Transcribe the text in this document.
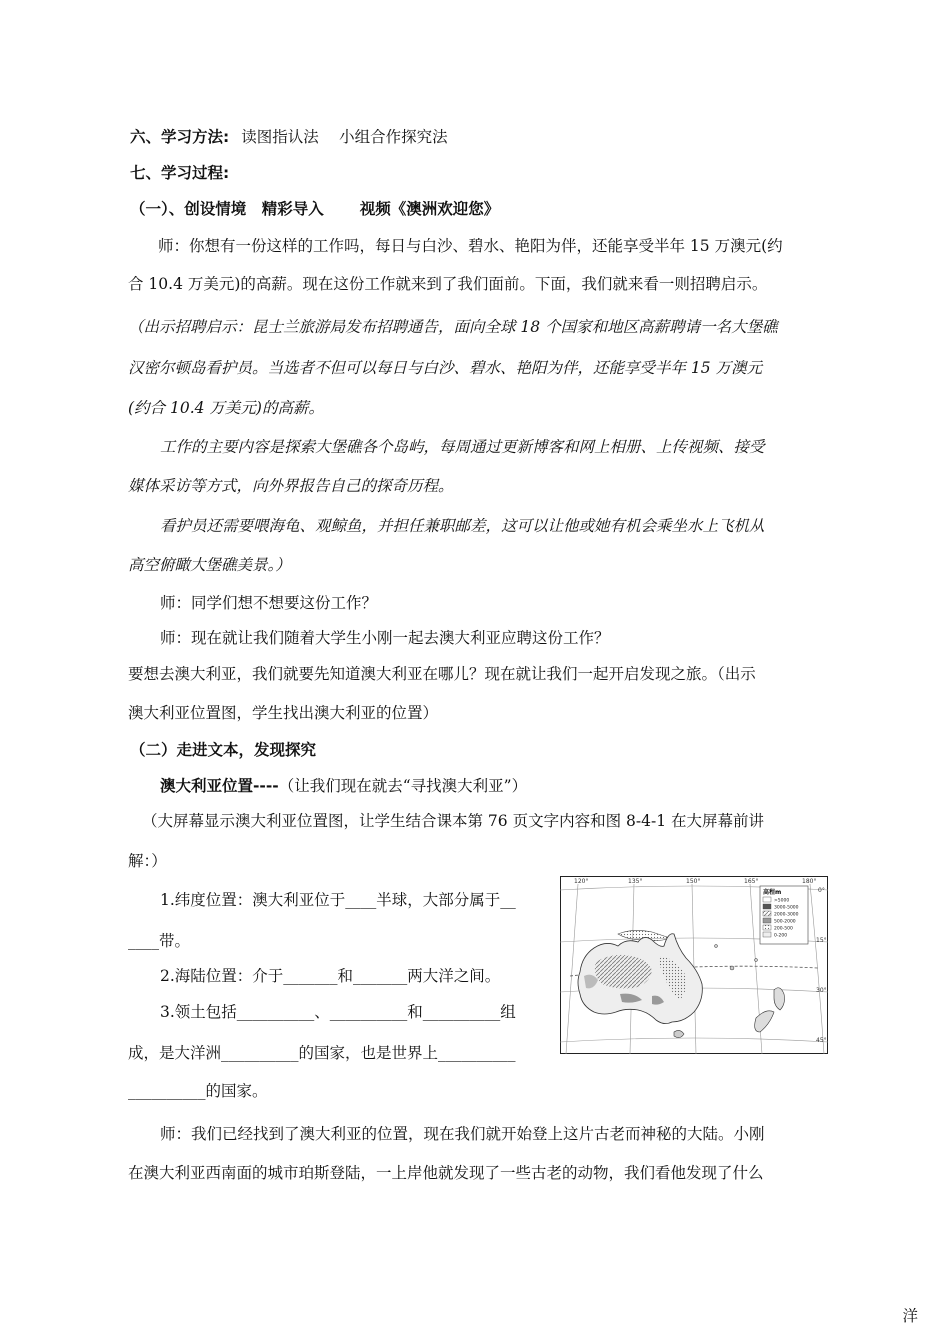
六、学习方法: 读图指认法　 小组合作探究法
七、学习过程:
（一）、创设情境　精彩导入 视频《澳洲欢迎您》
师：你想有一份这样的工作吗，每日与白沙、碧水、艳阳为伴，还能享受半年 15 万澳元(约
合 10.4 万美元)的高薪。现在这份工作就来到了我们面前。下面，我们就来看一则招聘启示。
（出示招聘启示：昆士兰旅游局发布招聘通告，面向全球 18 个国家和地区高薪聘请一名大堡礁
汉密尔顿岛看护员。当选者不但可以每日与白沙、碧水、艳阳为伴，还能享受半年 15 万澳元
(约合 10.4 万美元)的高薪。
工作的主要内容是探索大堡礁各个岛屿，每周通过更新博客和网上相册、上传视频、接受
媒体采访等方式，向外界报告自己的探奇历程。
看护员还需要喂海龟、观鲸鱼，并担任兼职邮差，这可以让他或她有机会乘坐水上飞机从
高空俯瞰大堡礁美景。）
师：同学们想不想要这份工作？
师：现在就让我们随着大学生小刚一起去澳大利亚应聘这份工作？
要想去澳大利亚，我们就要先知道澳大利亚在哪儿？现在就让我们一起开启发现之旅。（出示
澳大利亚位置图，学生找出澳大利亚的位置）
（二）走进文本，发现探究
澳大利亚位置----（让我们现在就去“寻找澳大利亚”）
（大屏幕显示澳大利亚位置图，让学生结合课本第 76 页文字内容和图 8-4-1 在大屏幕前讲
解：）
1.纬度位置：澳大利亚位于____半球，大部分属于__
____带。
2.海陆位置：介于_______和_______两大洋之间。
3.领土包括__________、__________和__________组
成，是大洋洲__________的国家，也是世界上__________
__________的国家。
师：我们已经找到了澳大利亚的位置，现在我们就开始登上这片古老而神秘的大陆。小刚
在澳大利亚西南面的城市珀斯登陆，一上岸他就发现了一些古老的动物，我们看他发现了什么
120°	135°	150°	165°	180°
0°
15°
30°
45°
高程m
>5000
3000-5000
2000-3000
500-2000
200-500
0-200
洋
